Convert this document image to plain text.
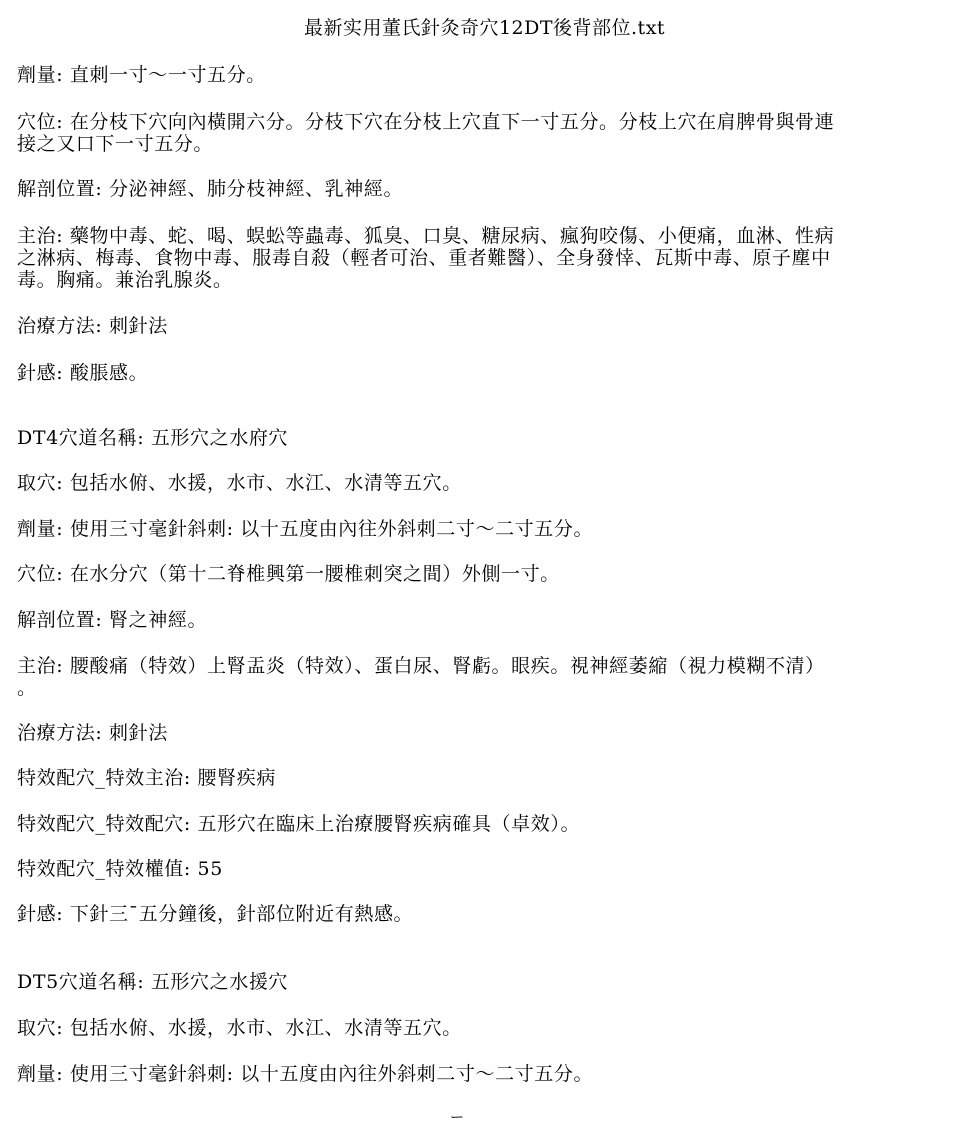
最新实用董氏針灸奇穴12DT後背部位.txt
劑量: 直刺一寸～一寸五分。
穴位: 在分枝下穴向內橫開六分。分枝下穴在分枝上穴直下一寸五分。分枝上穴在肩脾骨與骨連
接之又口下一寸五分。
解剖位置: 分泌神經、肺分枝神經、乳神經。
主治: 藥物中毒、蛇、喝、蜈蚣等蟲毒、狐臭、口臭、糖尿病、瘋狗咬傷、小便痛，血淋、性病
之淋病、梅毒、食物中毒、服毒自殺（輕者可治、重者難醫）、全身發悻、瓦斯中毒、原子塵中
毒。胸痛。兼治乳腺炎。
治療方法: 刺針法
針感: 酸脹感。
DT4穴道名稱: 五形穴之水府穴
取穴: 包括水俯、水援，水市、水江、水清等五穴。
劑量: 使用三寸毫針斜刺: 以十五度由內往外斜刺二寸～二寸五分。
穴位: 在水分穴（第十二脊椎興第一腰椎刺突之間）外側一寸。
解剖位置: 腎之神經。
主治: 腰酸痛（特效）上腎盂炎（特效）、蛋白尿、腎虧。眼疾。視神經萎縮（視力模糊不清）
。
治療方法: 刺針法
特效配穴_特效主治: 腰腎疾病
特效配穴_特效配穴: 五形穴在臨床上治療腰腎疾病確具（卓效）。
特效配穴_特效權值: 55
針感: 下針三¯五分鐘後，針部位附近有熱感。
DT5穴道名稱: 五形穴之水援穴
取穴: 包括水俯、水援，水市、水江、水清等五穴。
劑量: 使用三寸毫針斜刺: 以十五度由內往外斜刺二寸～二寸五分。
ー
